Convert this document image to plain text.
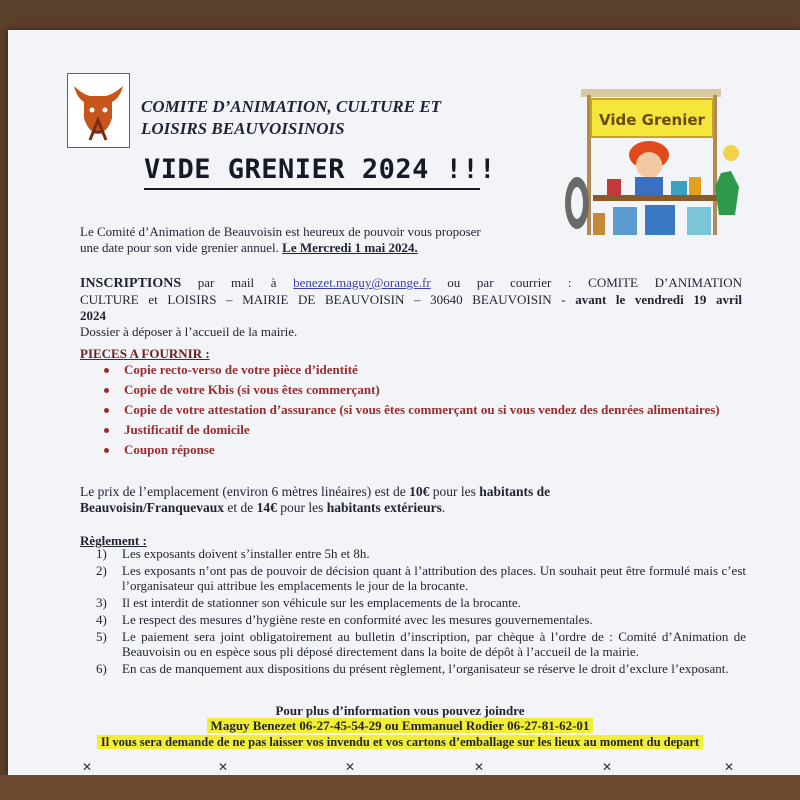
COMITE D’ANIMATION, CULTURE ET
LOISIRS BEAUVOISINOIS
VIDE GRENIER 2024 !!!
Vide Grenier
Le Comité d’Animation de Beauvoisin est heureux de pouvoir vous proposer
une date pour son vide grenier annuel. Le Mercredi 1 mai 2024.
INSCRIPTIONS par mail à benezet.maguy@orange.fr ou par courrier : COMITE D’ANIMATION
CULTURE et LOISIRS – MAIRIE DE BEAUVOISIN – 30640 BEAUVOISIN - avant le vendredi 19 avril
2024
Dossier à déposer à l’accueil de la mairie.
PIECES A FOURNIR :
Copie recto-verso de votre pièce d’identité
Copie de votre Kbis (si vous êtes commerçant)
Copie de votre attestation d’assurance (si vous êtes commerçant ou si vous vendez des denrées alimentaires)
Justificatif de domicile
Coupon réponse
Le prix de l’emplacement (environ 6 mètres linéaires) est de 10€ pour les habitants de
Beauvoisin/Franquevaux et de 14€ pour les habitants extérieurs.
Règlement :
1)	Les exposants doivent s’installer entre 5h et 8h.
2)	Les exposants n’ont pas de pouvoir de décision quant à l’attribution des places. Un souhait peut être formulé mais c’est l’organisateur qui attribue les emplacements le jour de la brocante.
3)	Il est interdit de stationner son véhicule sur les emplacements de la brocante.
4)	Le respect des mesures d’hygiène reste en conformité avec les mesures gouvernementales.
5)	Le paiement sera joint obligatoirement au bulletin d’inscription, par chèque à l’ordre de : Comité d’Animation de Beauvoisin ou en espèce sous pli déposé directement dans la boite de dépôt à l’accueil de la mairie.
6)	En cas de manquement aux dispositions du présent règlement, l’organisateur se réserve le droit d’exclure l’exposant.
Pour plus d’information vous pouvez joindre
Maguy Benezet 06-27-45-54-29 ou Emmanuel Rodier 06-27-81-62-01
Il vous sera demande de ne pas laisser vos invendu et vos cartons d’emballage sur les lieux au moment du depart
✕	✕	✕	✕	✕	✕
